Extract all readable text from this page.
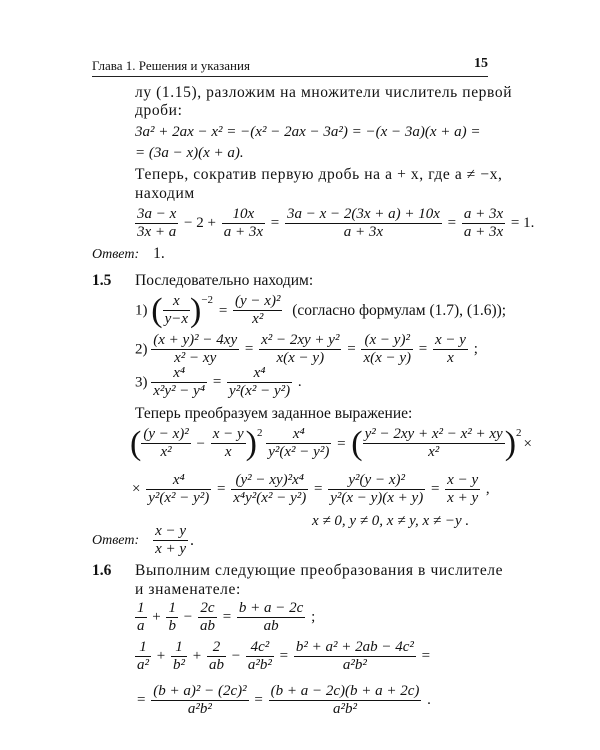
Глава 1. Решения и указания	15
лу (1.15), разложим на множители числитель первой
дроби:
3a² + 2ax − x² = −(x² − 2ax − 3a²) = −(x − 3a)(x + a) =
= (3a − x)(x + a).
Теперь, сократив первую дробь на a + x, где a ≠ −x,
находим
$\frac{3a - x}{3x + a} - 2 + \frac{10x}{a + 3x} = \frac{3a - x - 2(3x + a) + 10x}{a + 3x} = \frac{a + 3x}{a + 3x} = 1$.
Ответ: 1.
1.5 Последовательно находим:
1) ( $\frac{x}{y-x} )^{-2} = \frac{\text{(y − x)²}}{\text{x²}}$ (согласно формулам (1.7), (1.6));
$2) \frac{\text{(x + y)² − 4xy}}{\text{x² − xy}} = \frac{\text{x² − 2xy + y²}}{x(x - y)} = \frac{\text{(x − y)²}}{x(x - y)} = \frac{x - y}{x}$ ;
$3) \frac{\text{x⁴}}{\text{x²y² − y⁴}} = \frac{\text{x⁴}}{\text{y²(x² − y²)}}$ .
Теперь преобразуем заданное выражение:
( $\frac{\text{(y − x)²}}{\text{x²}} - \frac{x - y}{x} )^2 \frac{\text{x⁴}}{\text{y²(x² − y²)}}$ = ( $\frac{\text{y² − 2xy + x² − x² + xy}}{\text{x²}} )^2\times$
× $\frac{\text{x⁴}}{\text{y²(x² − y²)}} = \frac{\text{(y² − xy)²x⁴}}{\text{x⁴y²(x² − y²)}} = \frac{\text{y²(y − x)²}}{\text{y²(x − y)(x + y)}} = \frac{x - y}{x + y}$ ,
x ≠ 0, y ≠ 0, x ≠ y, x ≠ −y .
Ответ: $\frac{x - y}{x + y}$ .
1.6 Выполним следующие преобразования в числителе
и знаменателе:
$\frac{1}{a} + \frac{1}{b} - \frac{2c}{ab} = \frac{b + a - 2c}{ab}$ ;
$\frac{1}{\text{a²}} + \frac{1}{\text{b²}} + \frac{2}{ab} - \frac{\text{4c²}}{\text{a²b²}} = \frac{\text{b² + a² + 2ab − 4c²}}{\text{a²b²}}$ =
= $\frac{\text{(b + a)² − (2c)²}}{\text{a²b²}} = \frac{(b + a - 2c)(b + a + 2c)}{\text{a²b²}}$ .
